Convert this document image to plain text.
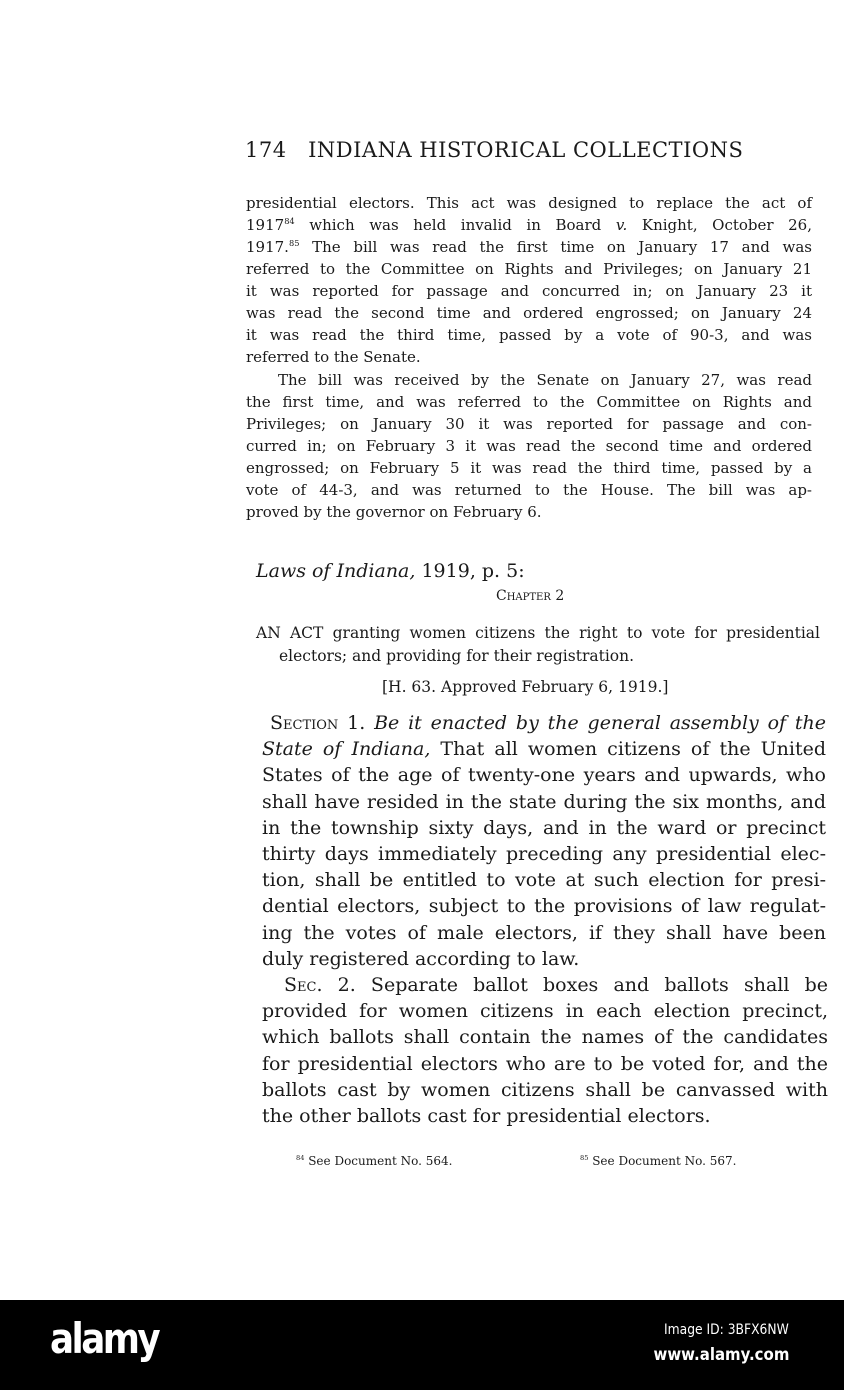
174 INDIANA HISTORICAL COLLECTIONS
presidential electors. This act was designed to replace the act of
1917$^{84}$ which was held invalid in Board v. Knight, October 26,
1917.85 The bill was read the first time on January 17 and was
referred to the Committee on Rights and Privileges; on January 21
it was reported for passage and concurred in; on January 23 it
was read the second time and ordered engrossed; on January 24
it was read the third time, passed by a vote of 90-3, and was
referred to the Senate.
The bill was received by the Senate on January 27, was read
the first time, and was referred to the Committee on Rights and
Privileges; on January 30 it was reported for passage and con-
curred in; on February 3 it was read the second time and ordered
engrossed; on February 5 it was read the third time, passed by a
vote of 44-3, and was returned to the House. The bill was ap-
proved by the governor on February 6.
Laws of Indiana, 1919, p. 5:
Chapter 2
AN ACT granting women citizens the right to vote for presidential
electors; and providing for their registration.
[H. 63. Approved February 6, 1919.]
Section 1. Be it enacted by the general assembly of the
State of Indiana, That all women citizens of the United
States of the age of twenty-one years and upwards, who
shall have resided in the state during the six months, and
in the township sixty days, and in the ward or precinct
thirty days immediately preceding any presidential elec-
tion, shall be entitled to vote at such election for presi-
dential electors, subject to the provisions of law regulat-
ing the votes of male electors, if they shall have been
duly registered according to law.
Sec. 2. Separate ballot boxes and ballots shall be
provided for women citizens in each election precinct,
which ballots shall contain the names of the candidates
for presidential electors who are to be voted for, and the
ballots cast by women citizens shall be canvassed with
the other ballots cast for presidential electors.
$^{84}$ See Document No. 564.	$^{85}$ See Document No. 567.
alamy	Image ID: 3BFX6NW
www.alamy.com
